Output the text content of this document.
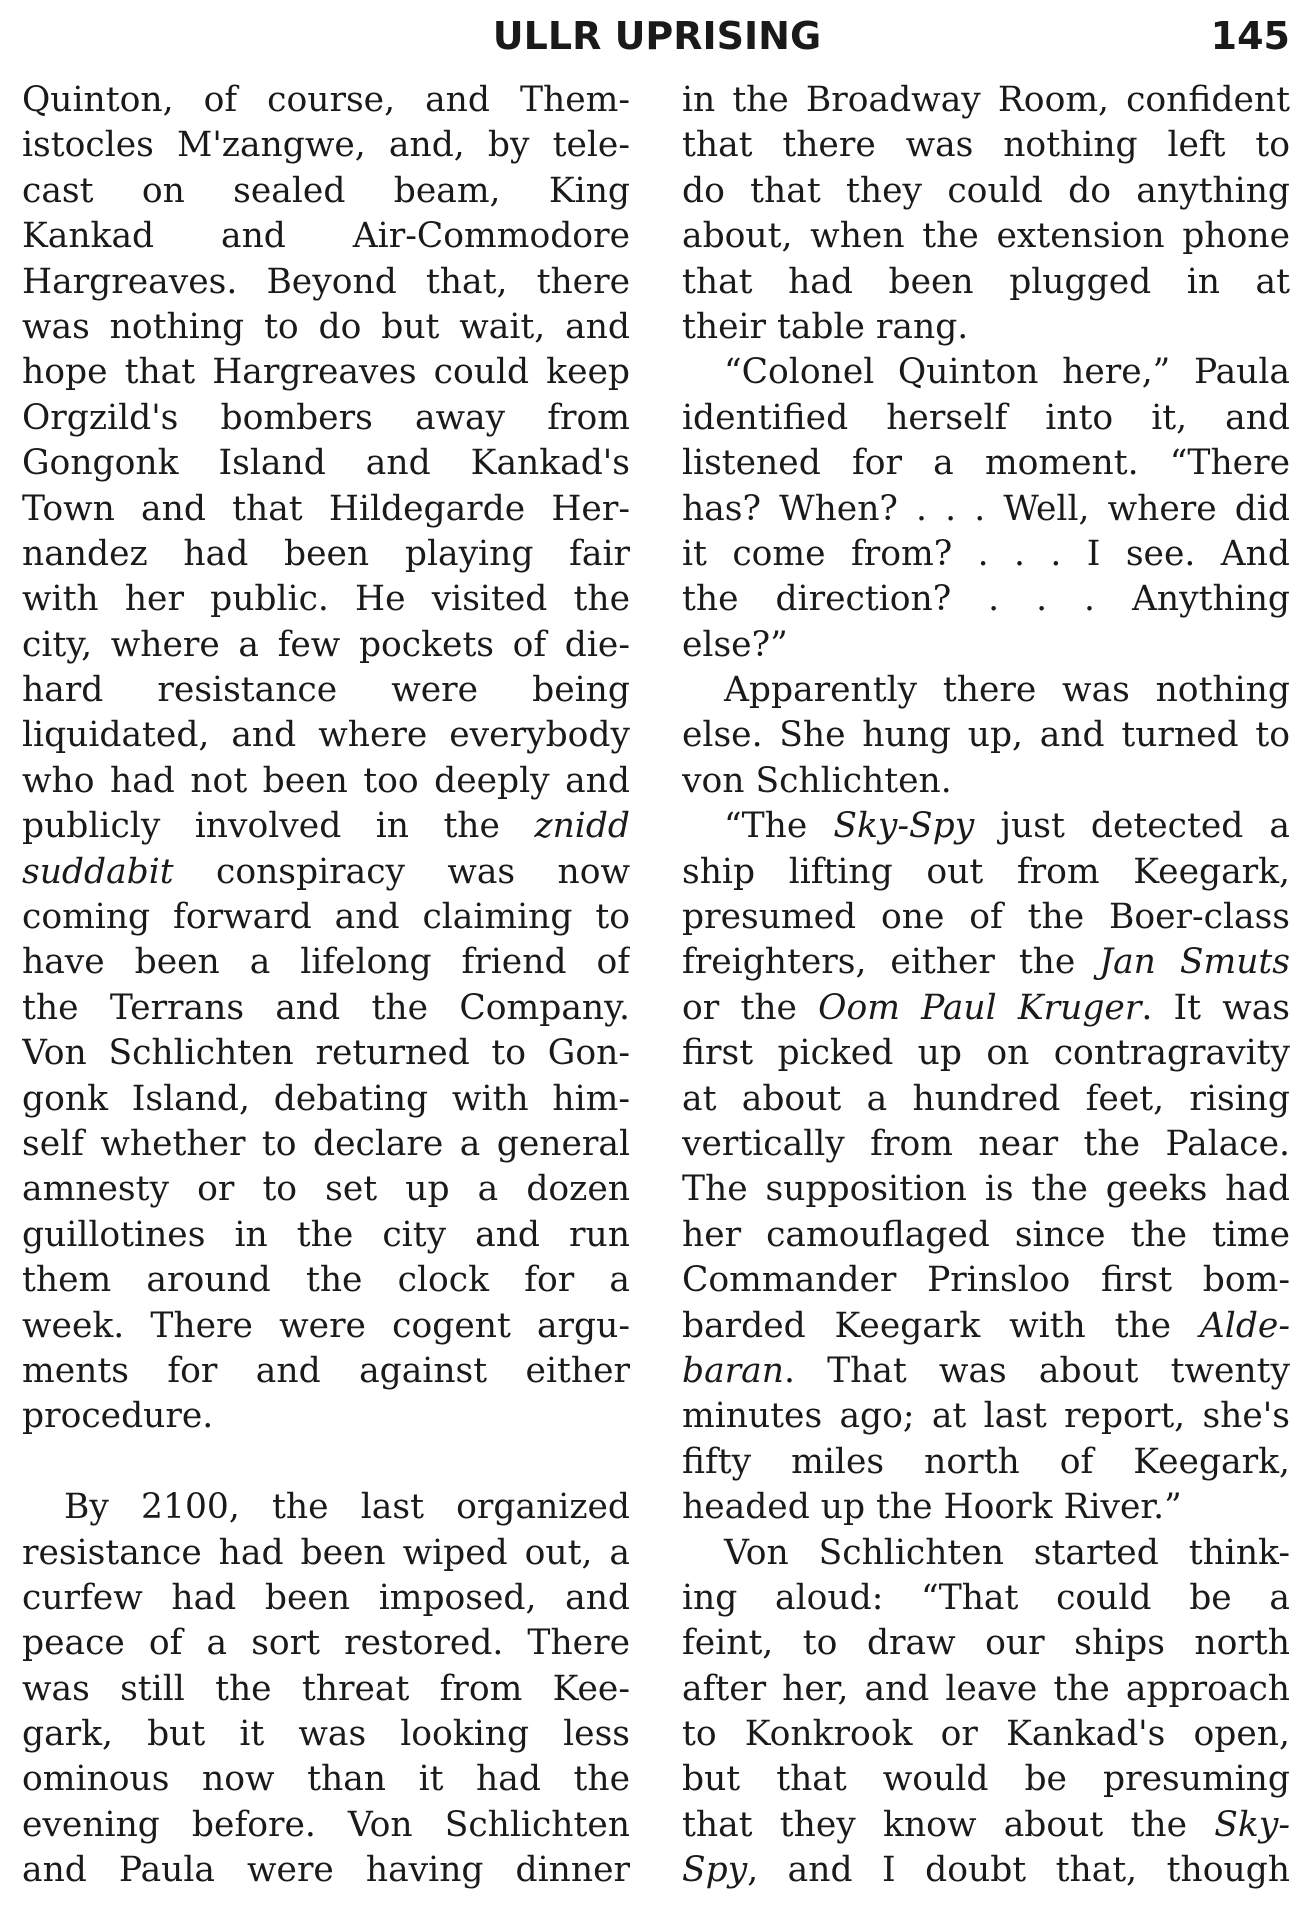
ULLR UPRISING	145
Quinton, of course, and Them-
istocles M'zangwe, and, by tele-
cast on sealed beam, King
Kankad and Air-Commodore
Hargreaves. Beyond that, there
was nothing to do but wait, and
hope that Hargreaves could keep
Orgzild's bombers away from
Gongonk Island and Kankad's
Town and that Hildegarde Her-
nandez had been playing fair
with her public. He visited the
city, where a few pockets of die-
hard resistance were being
liquidated, and where everybody
who had not been too deeply and
publicly involved in the znidd
suddabit conspiracy was now
coming forward and claiming to
have been a lifelong friend of
the Terrans and the Company.
Von Schlichten returned to Gon-
gonk Island, debating with him-
self whether to declare a general
amnesty or to set up a dozen
guillotines in the city and run
them around the clock for a
week. There were cogent argu-
ments for and against either
procedure.
By 2100, the last organized
resistance had been wiped out, a
curfew had been imposed, and
peace of a sort restored. There
was still the threat from Kee-
gark, but it was looking less
ominous now than it had the
evening before. Von Schlichten
and Paula were having dinner
in the Broadway Room, confident
that there was nothing left to
do that they could do anything
about, when the extension phone
that had been plugged in at
their table rang.
“Colonel Quinton here,” Paula
identified herself into it, and
listened for a moment. “There
has? When? . . . Well, where did
it come from? . . . I see. And
the direction? . . . Anything
else?”
Apparently there was nothing
else. She hung up, and turned to
von Schlichten.
“The Sky-Spy just detected a
ship lifting out from Keegark,
presumed one of the Boer-class
freighters, either the Jan Smuts
or the Oom Paul Kruger. It was
first picked up on contragravity
at about a hundred feet, rising
vertically from near the Palace.
The supposition is the geeks had
her camouflaged since the time
Commander Prinsloo first bom-
barded Keegark with the Alde-
baran. That was about twenty
minutes ago; at last report, she's
fifty miles north of Keegark,
headed up the Hoork River.”
Von Schlichten started think-
ing aloud: “That could be a
feint, to draw our ships north
after her, and leave the approach
to Konkrook or Kankad's open,
but that would be presuming
that they know about the Sky-
Spy, and I doubt that, though
